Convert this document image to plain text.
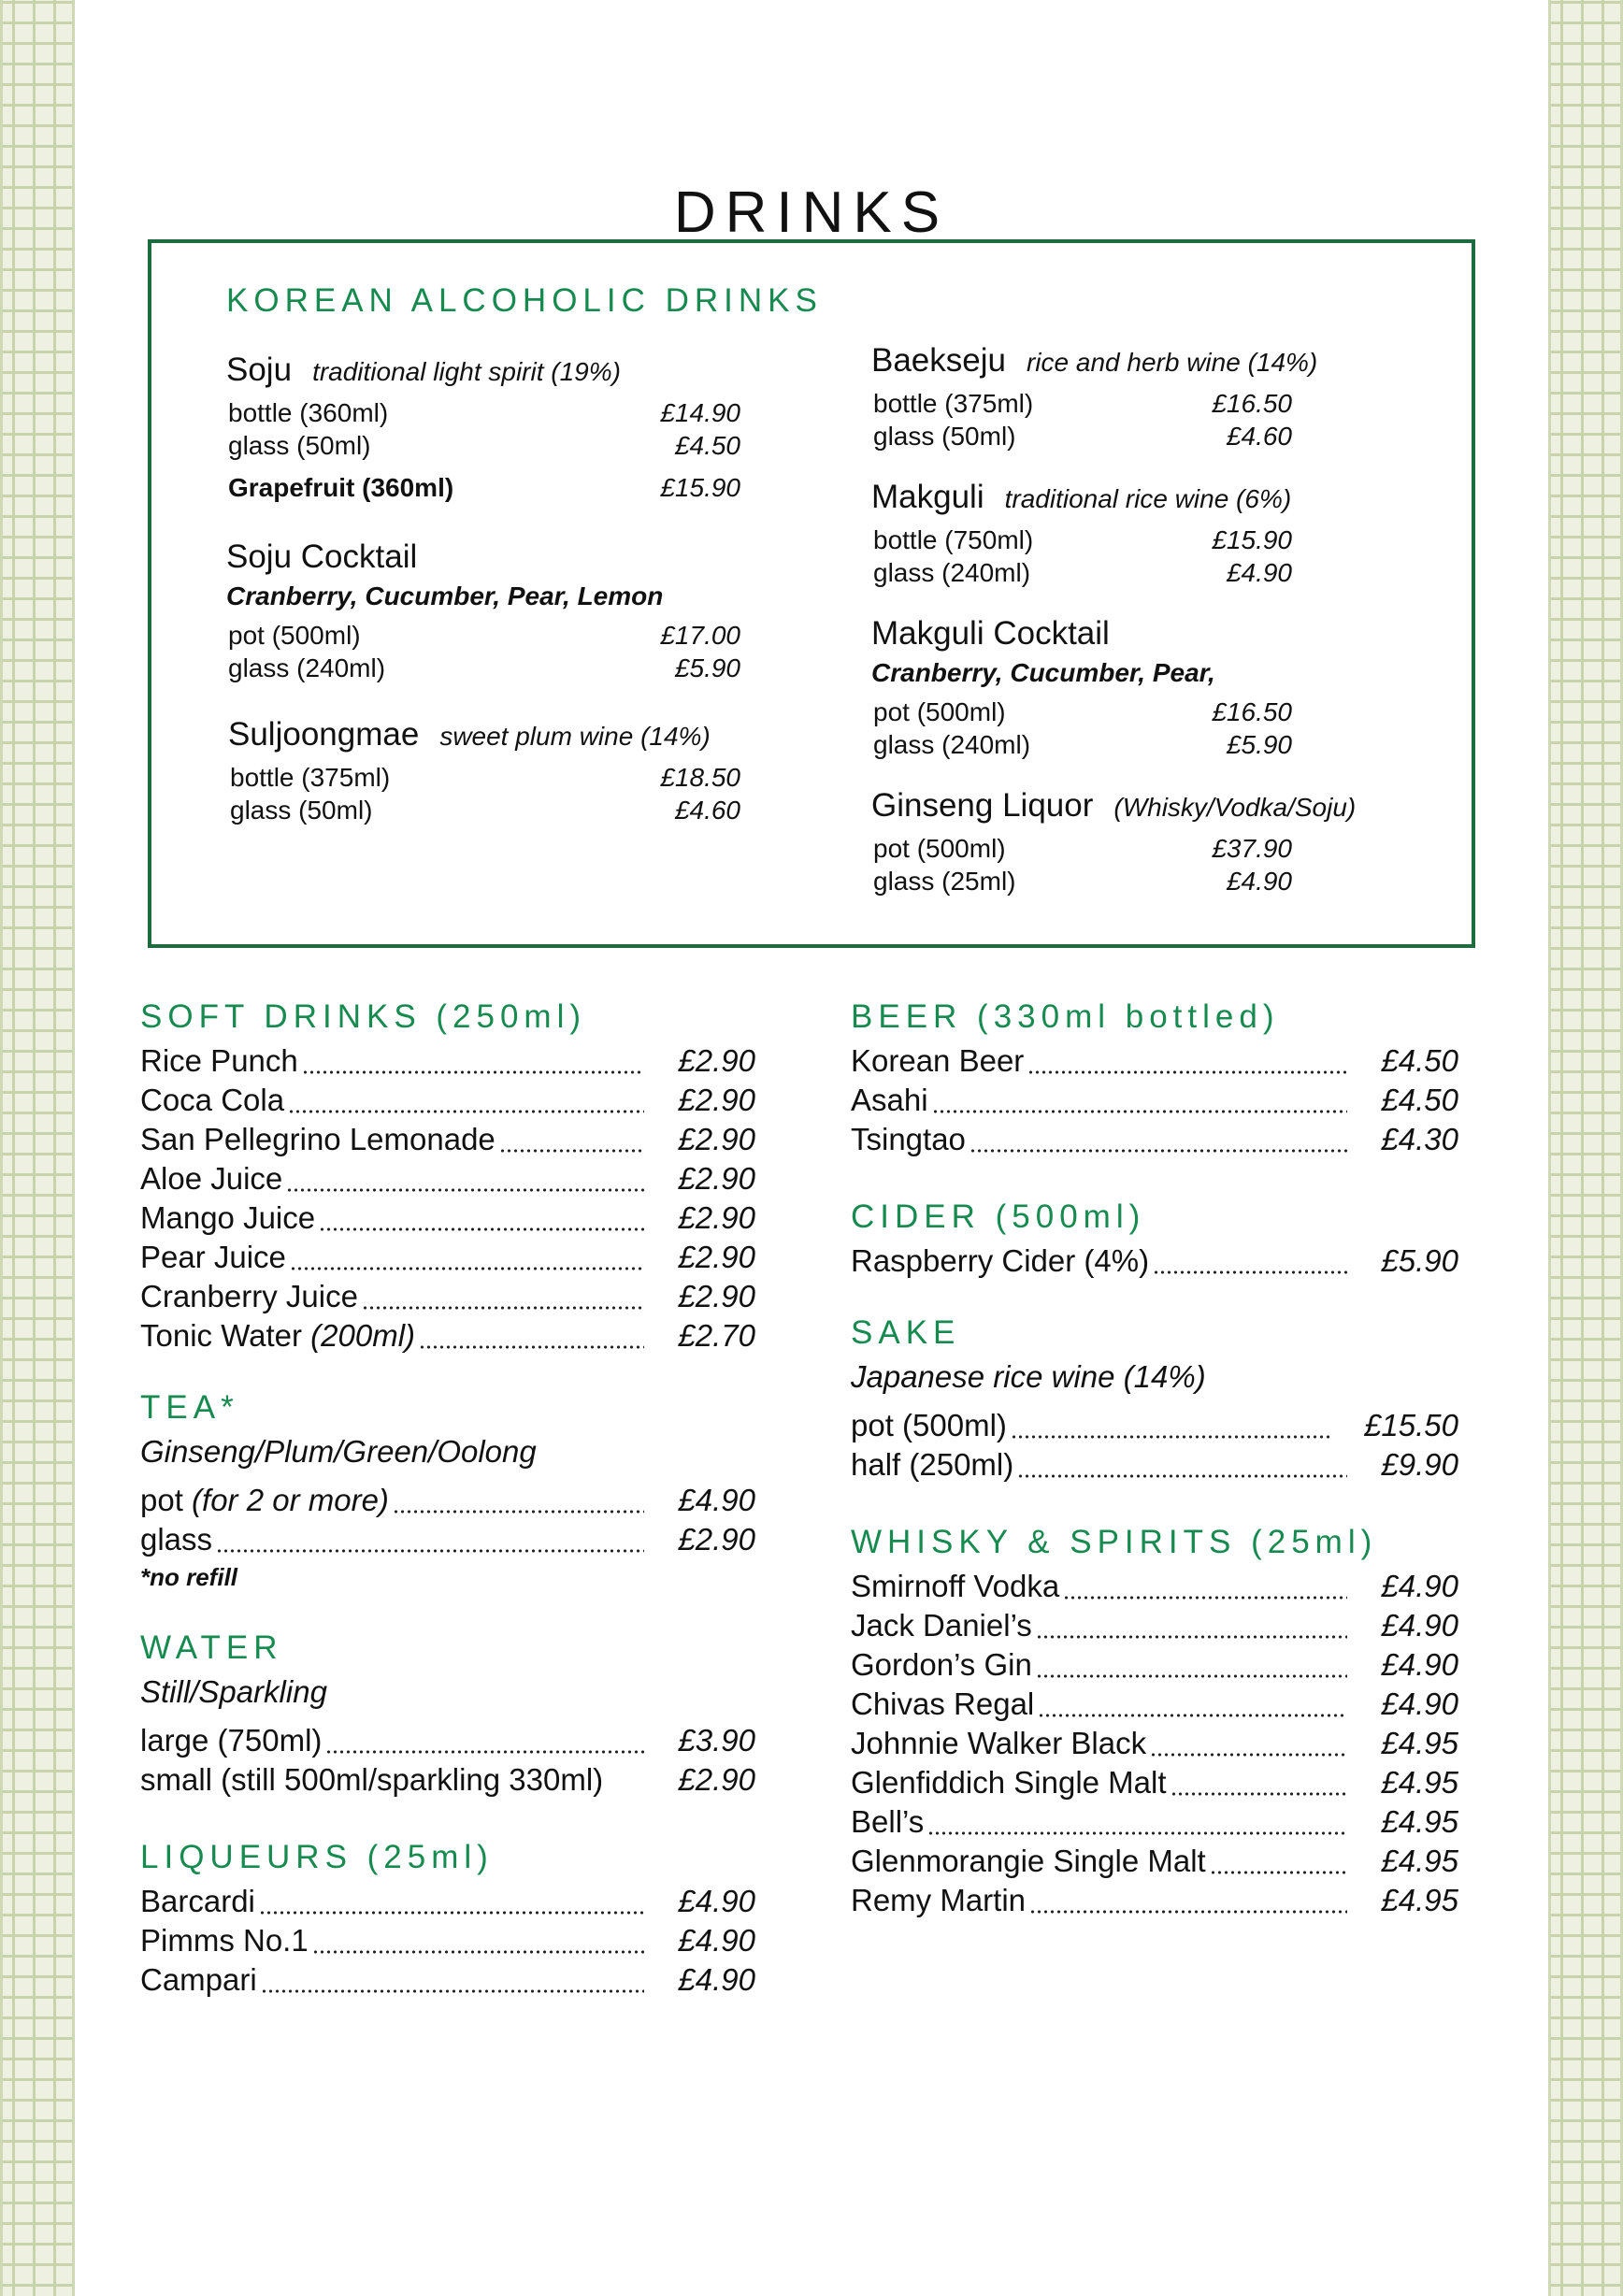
DRINKS
KOREAN ALCOHOLIC DRINKS
Soju traditional light spirit (19%)
bottle (360ml)	£14.90
glass (50ml)	£4.50
Grapefruit (360ml)	£15.90
Soju Cocktail
Cranberry, Cucumber, Pear, Lemon
pot (500ml)	£17.00
glass (240ml)	£5.90
Suljoongmae sweet plum wine (14%)
bottle (375ml)	£18.50
glass (50ml)	£4.60
Baekseju rice and herb wine (14%)
bottle (375ml)	£16.50
glass (50ml)	£4.60
Makguli traditional rice wine (6%)
bottle (750ml)	£15.90
glass (240ml)	£4.90
Makguli Cocktail
Cranberry, Cucumber, Pear,
pot (500ml)	£16.50
glass (240ml)	£5.90
Ginseng Liquor (Whisky/Vodka/Soju)
pot (500ml)	£37.90
glass (25ml)	£4.90
SOFT DRINKS (250ml)
Rice Punch	£2.90
Coca Cola	£2.90
San Pellegrino Lemonade	£2.90
Aloe Juice	£2.90
Mango Juice	£2.90
Pear Juice	£2.90
Cranberry Juice	£2.90
Tonic Water (200ml)	£2.70
TEA*
Ginseng/Plum/Green/Oolong
pot (for 2 or more)	£4.90
glass	£2.90
*no refill
WATER
Still/Sparkling
large (750ml)	£3.90
small (still 500ml/sparkling 330ml) £2.90
LIQUEURS (25ml)
Barcardi	£4.90
Pimms No.1	£4.90
Campari	£4.90
BEER (330ml bottled)
Korean Beer	£4.50
Asahi	£4.50
Tsingtao	£4.30
CIDER (500ml)
Raspberry Cider (4%)	£5.90
SAKE
Japanese rice wine (14%)
pot (500ml)	£15.50
half (250ml)	£9.90
WHISKY & SPIRITS (25ml)
Smirnoff Vodka	£4.90
Jack Daniel’s	£4.90
Gordon’s Gin	£4.90
Chivas Regal	£4.90
Johnnie Walker Black	£4.95
Glenfiddich Single Malt	£4.95
Bell’s	£4.95
Glenmorangie Single Malt	£4.95
Remy Martin	£4.95
